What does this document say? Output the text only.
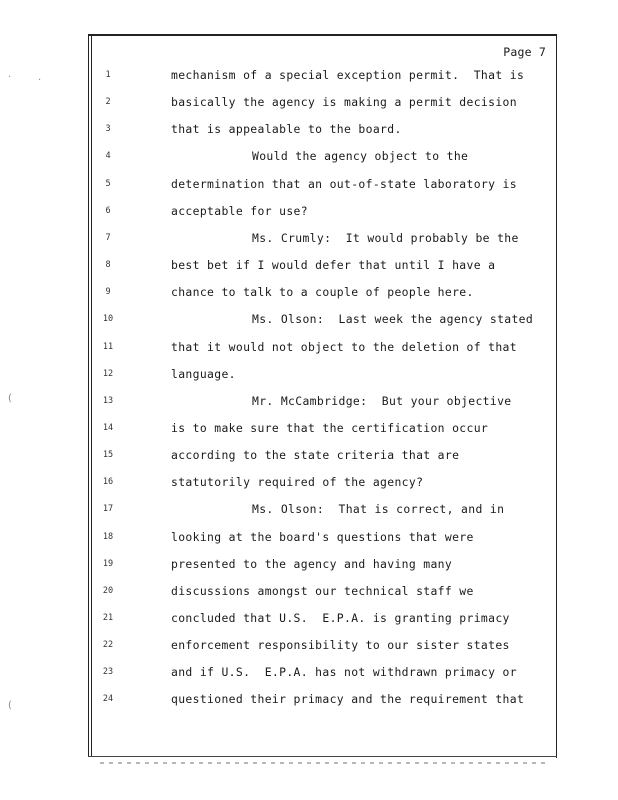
·	·
(
(
Page 7
1	mechanism of a special exception permit.  That is
2	basically the agency is making a permit decision
3	that is appealable to the board.
4	Would the agency object to the
5	determination that an out-of-state laboratory is
6	acceptable for use?
7	Ms. Crumly:  It would probably be the
8	best bet if I would defer that until I have a
9	chance to talk to a couple of people here.
10	Ms. Olson:  Last week the agency stated
11	that it would not object to the deletion of that
12	language.
13	Mr. McCambridge:  But your objective
14	is to make sure that the certification occur
15	according to the state criteria that are
16	statutorily required of the agency?
17	Ms. Olson:  That is correct, and in
18	looking at the board's questions that were
19	presented to the agency and having many
20	discussions amongst our technical staff we
21	concluded that U.S.  E.P.A. is granting primacy
22	enforcement responsibility to our sister states
23	and if U.S.  E.P.A. has not withdrawn primacy or
24	questioned their primacy and the requirement that
